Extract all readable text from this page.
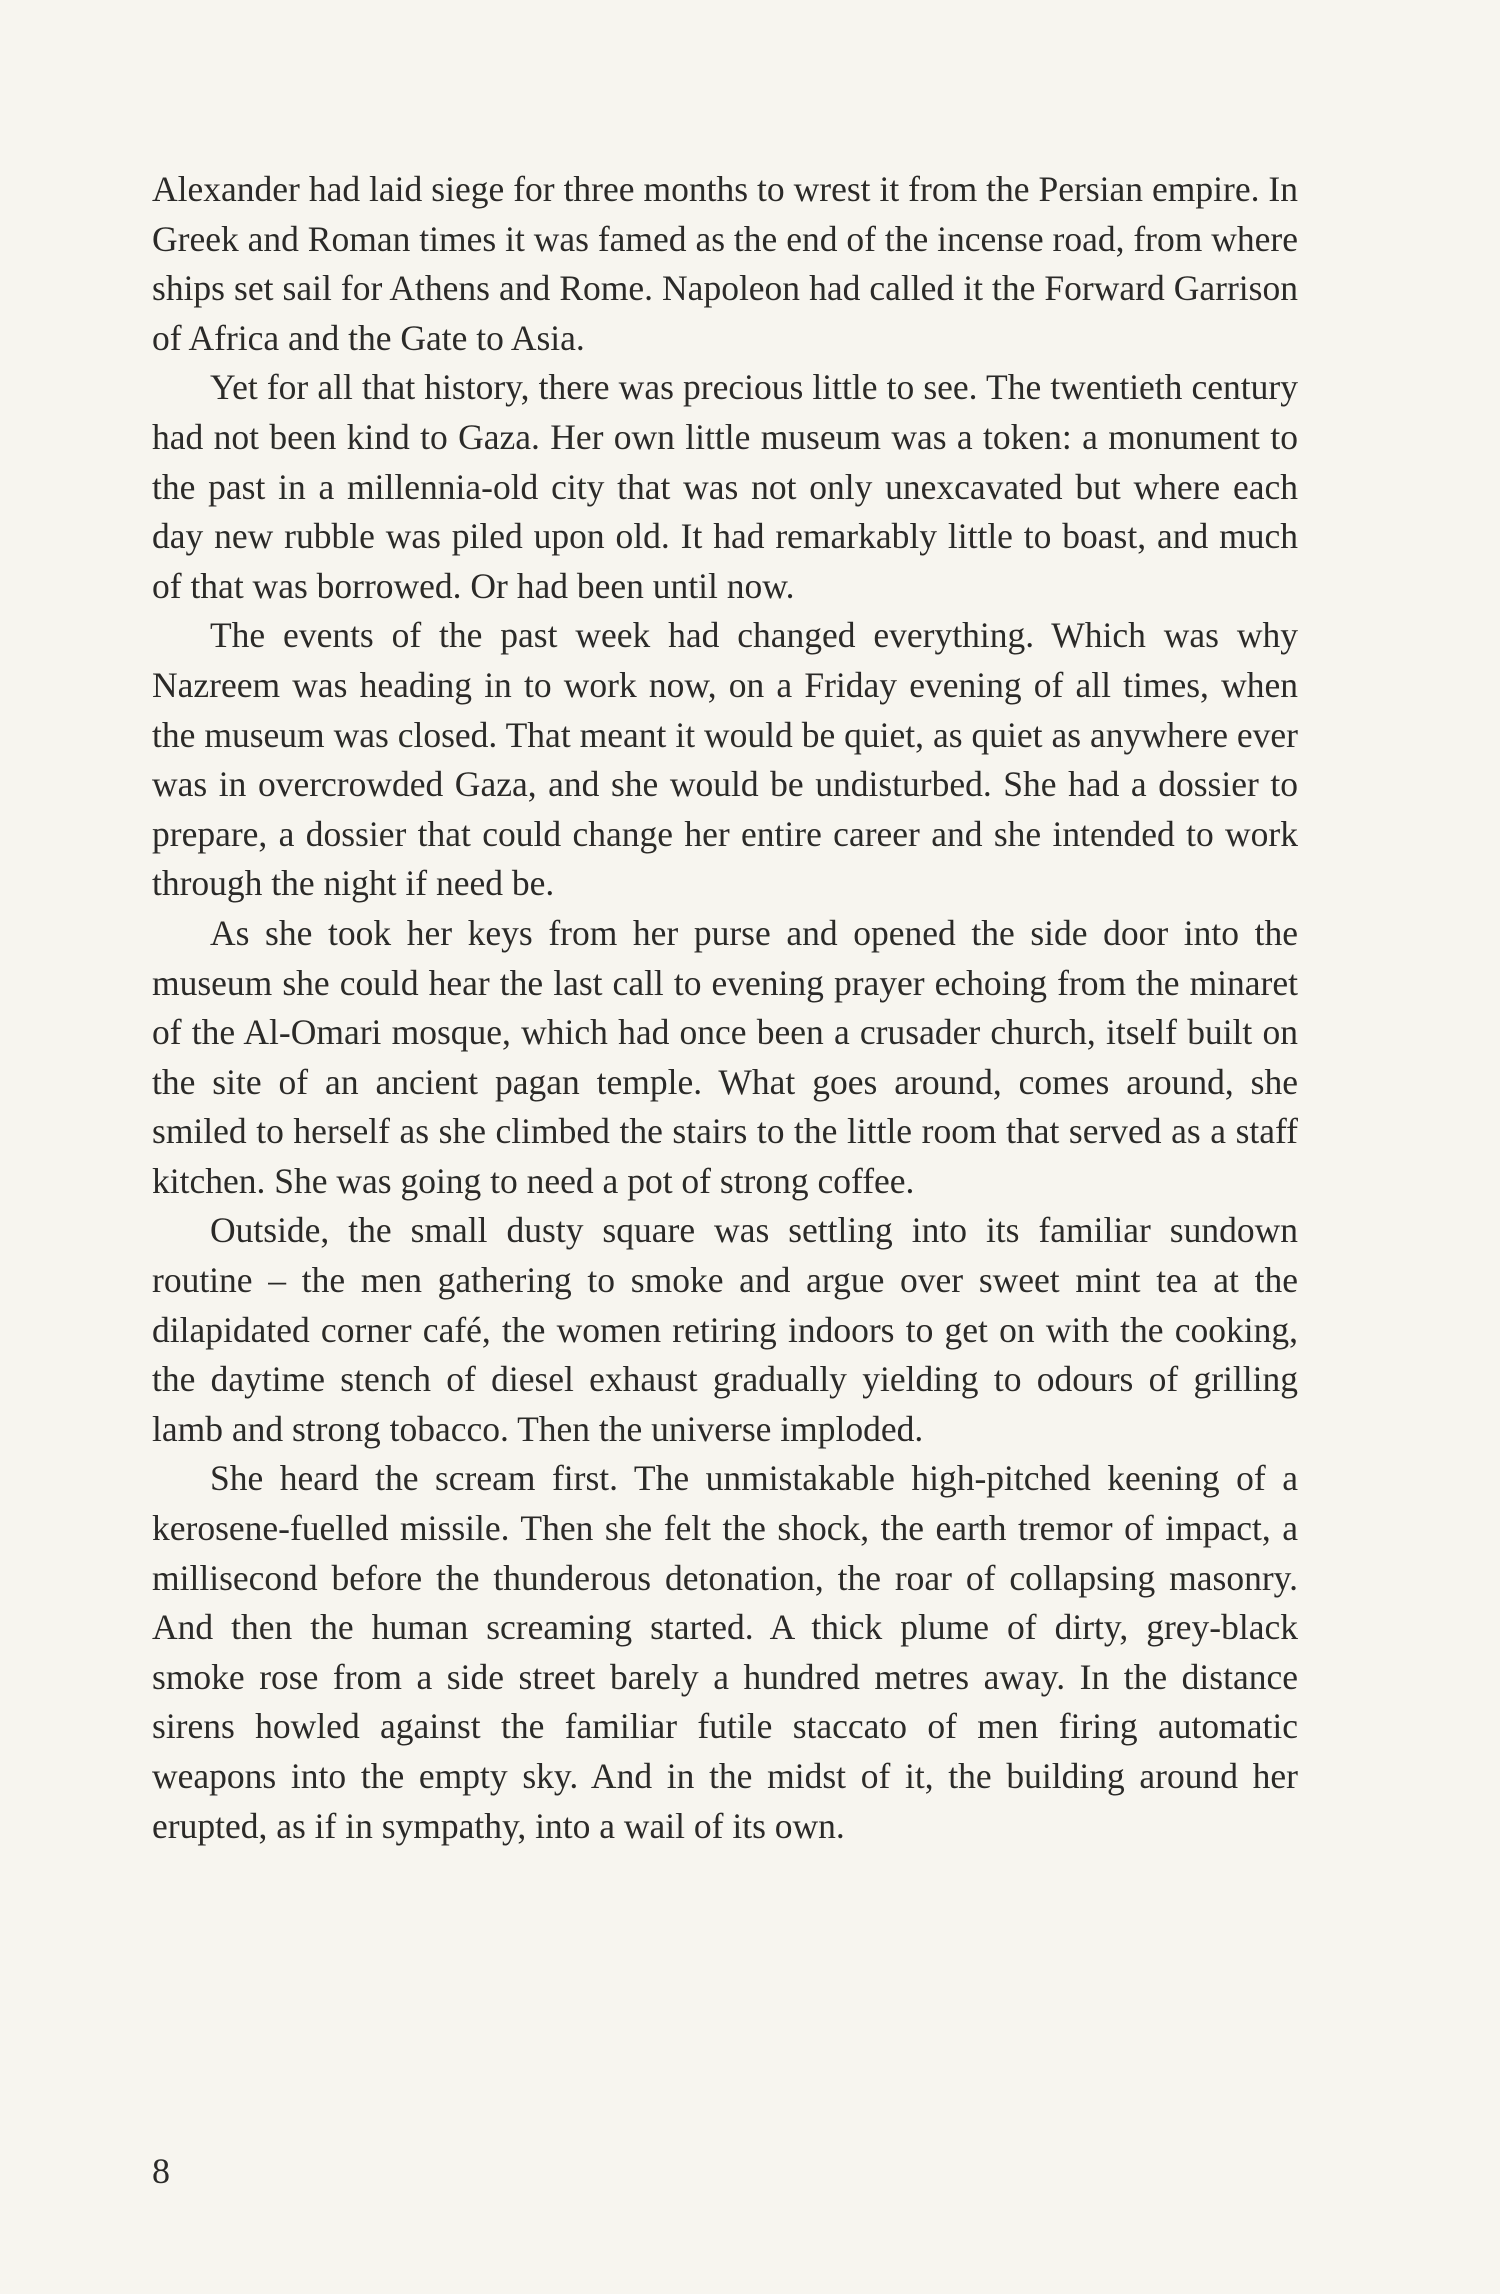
Alexander had laid siege for three months to wrest it from the Persian empire. In Greek and Roman times it was famed as the end of the incense road, from where ships set sail for Athens and Rome. Napoleon had called it the Forward Garrison of Africa and the Gate to Asia.

Yet for all that history, there was precious little to see. The twentieth century had not been kind to Gaza. Her own little museum was a token: a monument to the past in a millennia-old city that was not only unexcavated but where each day new rubble was piled upon old. It had remarkably little to boast, and much of that was borrowed. Or had been until now.

The events of the past week had changed everything. Which was why Nazreem was heading in to work now, on a Friday evening of all times, when the museum was closed. That meant it would be quiet, as quiet as anywhere ever was in overcrowded Gaza, and she would be undisturbed. She had a dossier to prepare, a dossier that could change her entire career and she intended to work through the night if need be.

As she took her keys from her purse and opened the side door into the museum she could hear the last call to evening prayer echoing from the minaret of the Al-Omari mosque, which had once been a crusader church, itself built on the site of an ancient pagan temple. What goes around, comes around, she smiled to herself as she climbed the stairs to the little room that served as a staff kitchen. She was going to need a pot of strong coffee.

Outside, the small dusty square was settling into its familiar sundown routine – the men gathering to smoke and argue over sweet mint tea at the dilapidated corner café, the women retiring indoors to get on with the cooking, the daytime stench of diesel exhaust gradually yielding to odours of grilling lamb and strong tobacco. Then the universe imploded.

She heard the scream first. The unmistakable high-pitched keening of a kerosene-fuelled missile. Then she felt the shock, the earth tremor of impact, a millisecond before the thunderous detonation, the roar of collapsing masonry. And then the human screaming started. A thick plume of dirty, grey-black smoke rose from a side street barely a hundred metres away. In the distance sirens howled against the familiar futile staccato of men firing automatic weapons into the empty sky. And in the midst of it, the building around her erupted, as if in sympathy, into a wail of its own.

8
